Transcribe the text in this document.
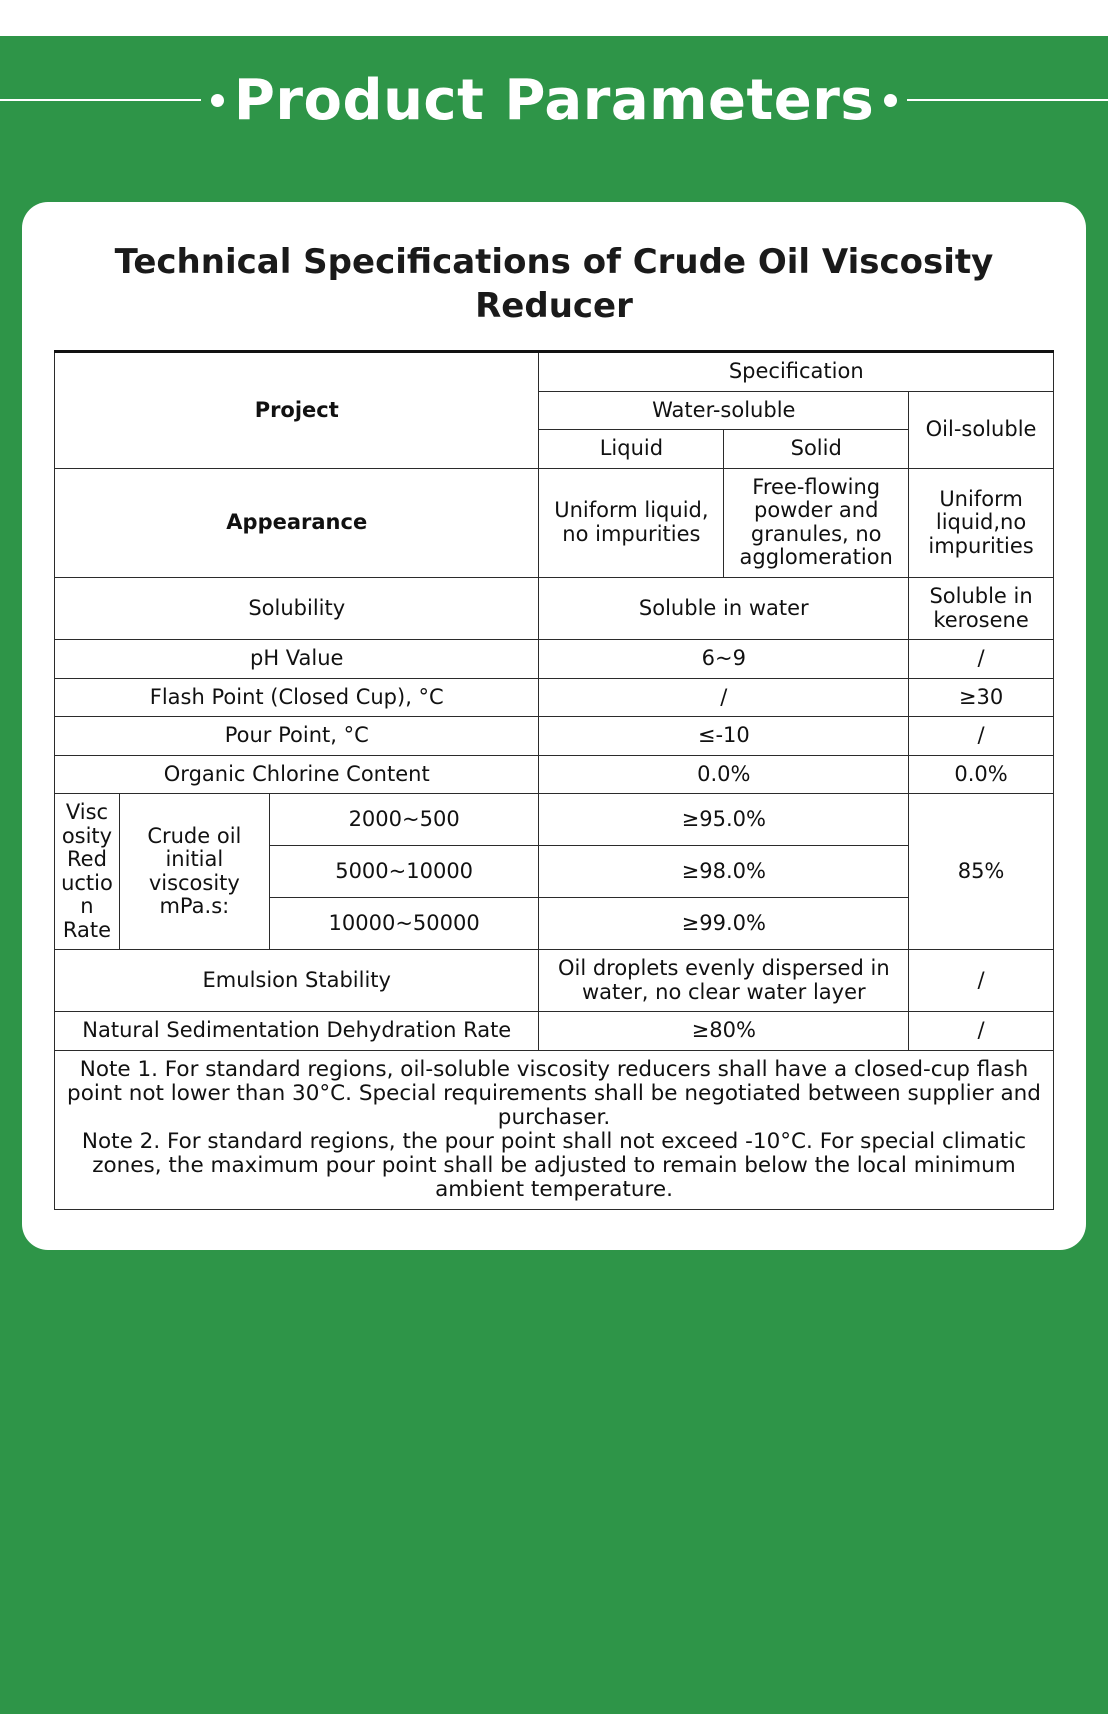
Product Parameters
Technical Specifications of Crude Oil Viscosity Reducer
Project			Specification		
			Water-soluble		Oil-soluble
			Liquid	Solid	
Appearance			Uniform liquid, no impurities	Free-flowing powder and granules, no agglomeration	Uniform liquid,no impurities
Solubility			Soluble in water		Soluble in kerosene
pH Value			6~9		/
Flash Point (Closed Cup), °C			/		≥30
Pour Point, °C			≤-10		/
Organic Chlorine Content			0.0%		0.0%
Viscosity Reduction Rate	Crude oil initial viscosity mPa.s:	2000~500	≥95.0%		85%
		5000~10000	≥98.0%		
		10000~50000	≥99.0%		
Emulsion Stability			Oil droplets evenly dispersed in water, no clear water layer		/
Natural Sedimentation Dehydration Rate			≥80%		/

Note 1. For standard regions, oil-soluble viscosity reducers shall have a closed-cup flash point not lower than 30°C. Special requirements shall be negotiated between supplier and purchaser.

Note 2. For standard regions, the pour point shall not exceed -10°C. For special climatic zones, the maximum pour point shall be adjusted to remain below the local minimum ambient temperature.					
